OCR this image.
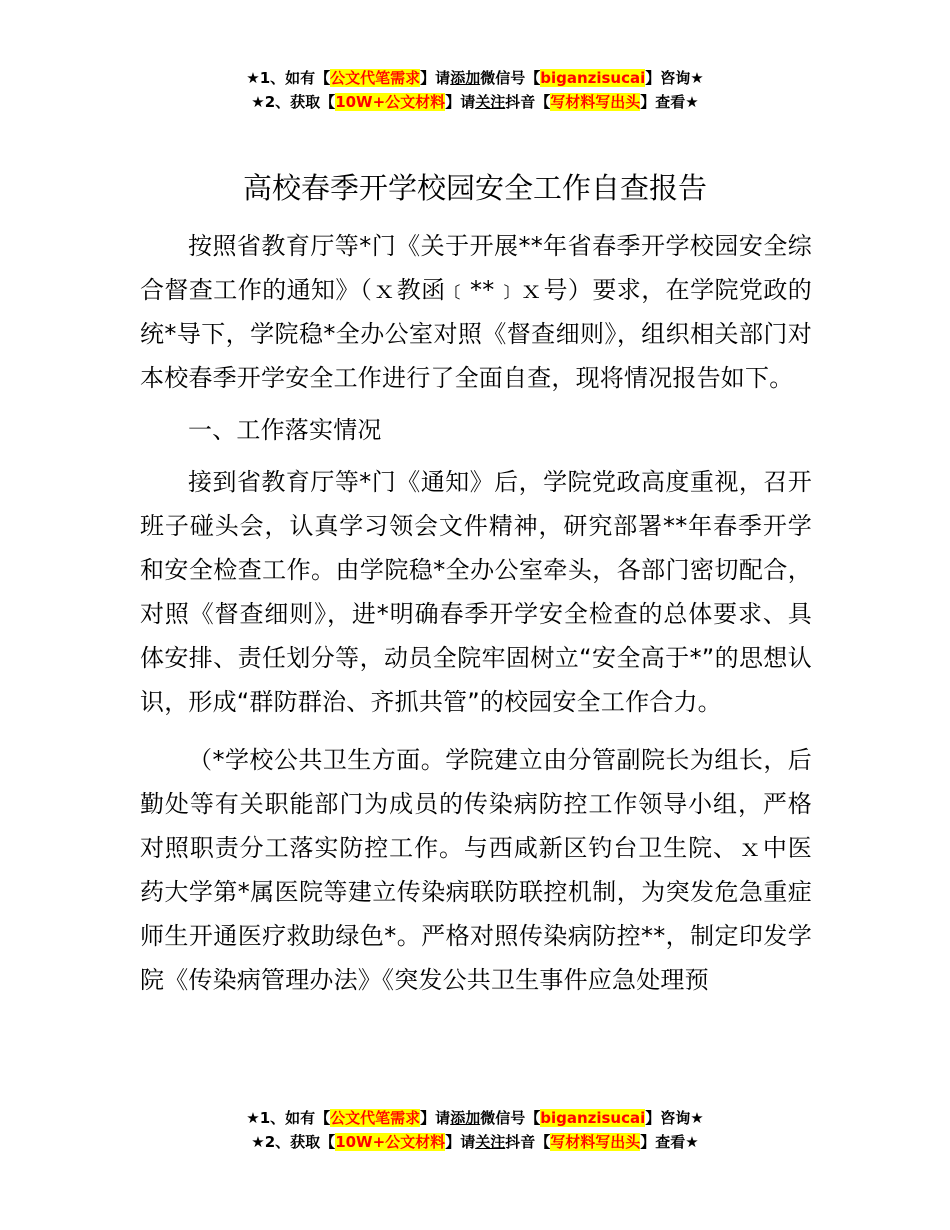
★1、如有【公文代笔需求】请添加微信号【biganzisucai】咨询★
★2、获取【10W+公文材料】请关注抖音【写材料写出头】查看★
高校春季开学校园安全工作自查报告

按照省教育厅等*门《关于开展**年省春季开学校园安全综合督查工作的通知》（ｘ教函﹝**﹞ｘ号）要求，在学院党政的统*导下，学院稳*全办公室对照《督查细则》，组织相关部门对本校春季开学安全工作进行了全面自查，现将情况报告如下。

一、工作落实情况

接到省教育厅等*门《通知》后，学院党政高度重视，召开班子碰头会，认真学习领会文件精神，研究部署**年春季开学和安全检查工作。由学院稳*全办公室牵头，各部门密切配合，对照《督查细则》，进*明确春季开学安全检查的总体要求、具体安排、责任划分等，动员全院牢固树立“安全高于*”的思想认识，形成“群防群治、齐抓共管”的校园安全工作合力。

（*学校公共卫生方面。学院建立由分管副院长为组长，后勤处等有关职能部门为成员的传染病防控工作领导小组，严格对照职责分工落实防控工作。与西咸新区钓台卫生院、ｘ中医药大学第*属医院等建立传染病联防联控机制，为突发危急重症师生开通医疗救助绿色*。严格对照传染病防控**，制定印发学院《传染病管理办法》《突发公共卫生事件应急处理预

★1、如有【公文代笔需求】请添加微信号【biganzisucai】咨询★
★2、获取【10W+公文材料】请关注抖音【写材料写出头】查看★
